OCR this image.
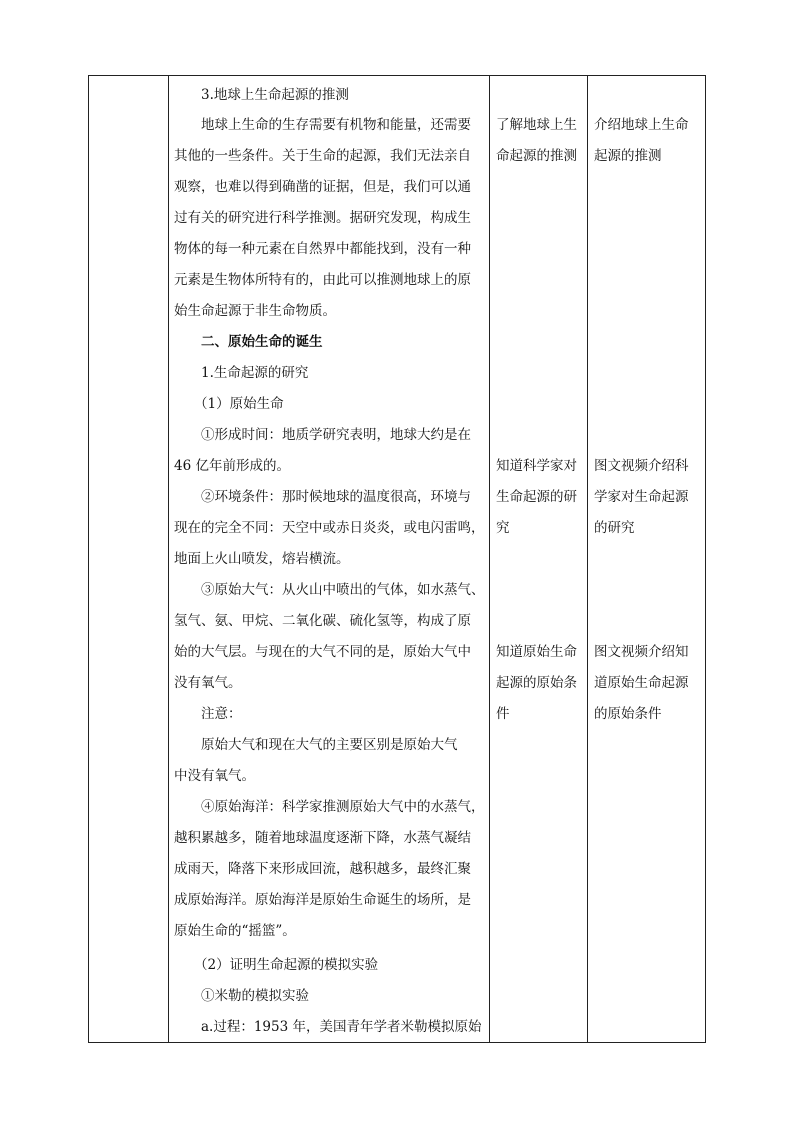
3.地球上生命起源的推测
地球上生命的生存需要有机物和能量，还需要
其他的一些条件。关于生命的起源，我们无法亲自
观察，也难以得到确凿的证据，但是，我们可以通
过有关的研究进行科学推测。据研究发现，构成生
物体的每一种元素在自然界中都能找到，没有一种
元素是生物体所特有的，由此可以推测地球上的原
始生命起源于非生命物质。
二、原始生命的诞生
1.生命起源的研究
（1）原始生命
①形成时间：地质学研究表明，地球大约是在
46 亿年前形成的。
②环境条件：那时候地球的温度很高，环境与
现在的完全不同：天空中或赤日炎炎，或电闪雷鸣，
地面上火山喷发，熔岩横流。
③原始大气：从火山中喷出的气体，如水蒸气、
氢气、氨、甲烷、二氧化碳、硫化氢等，构成了原
始的大气层。与现在的大气不同的是，原始大气中
没有氧气。
注意：
原始大气和现在大气的主要区别是原始大气
中没有氧气。
④原始海洋：科学家推测原始大气中的水蒸气，
越积累越多，随着地球温度逐渐下降，水蒸气凝结
成雨天，降落下来形成回流，越积越多，最终汇聚
成原始海洋。原始海洋是原始生命诞生的场所，是
原始生命的“摇篮”。
（2）证明生命起源的模拟实验
①米勒的模拟实验
a.过程：1953 年，美国青年学者米勒模拟原始
了解地球上生
命起源的推测
知道科学家对
生命起源的研
究
知道原始生命
起源的原始条
件
介绍地球上生命
起源的推测
图文视频介绍科
学家对生命起源
的研究
图文视频介绍知
道原始生命起源
的原始条件
